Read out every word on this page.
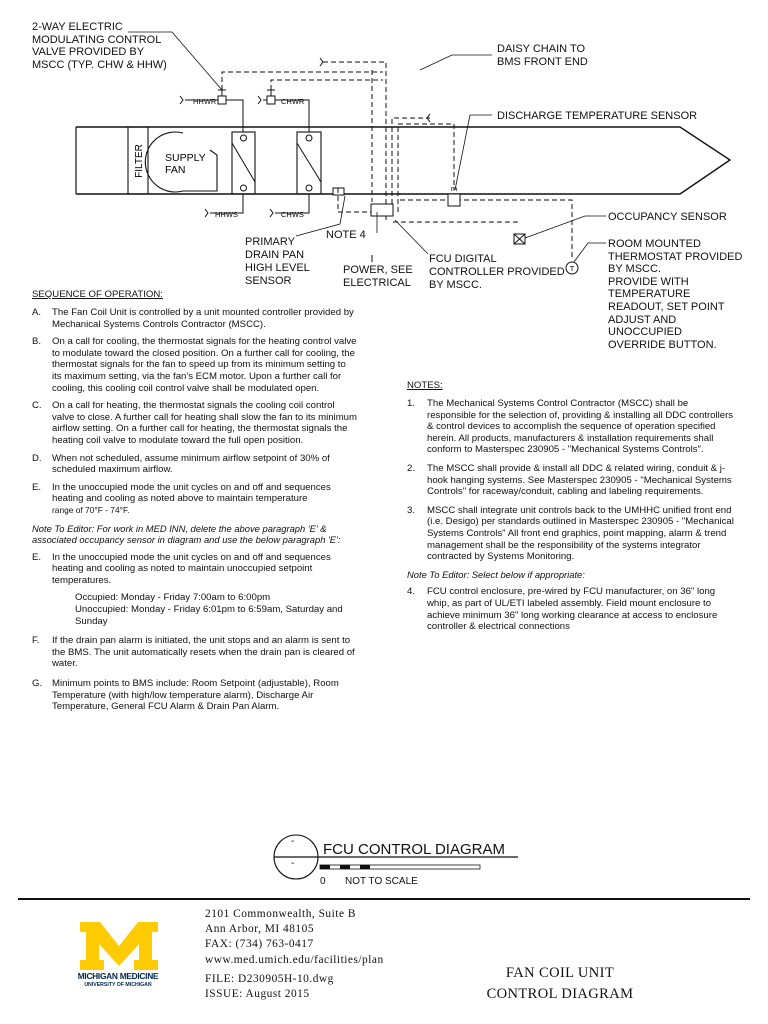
FILTER SUPPLY
FAN
HHWR
HHWS
CHWR
CHWS
m
T
2-WAY ELECTRIC
MODULATING CONTROL
VALVE PROVIDED BY
MSCC (TYP. CHW & HHW)
DAISY CHAIN TO
BMS FRONT END
DISCHARGE TEMPERATURE SENSOR
OCCUPANCY SENSOR
ROOM MOUNTED
THERMOSTAT PROVIDED
BY MSCC.
PROVIDE WITH
TEMPERATURE
READOUT, SET POINT
ADJUST AND
UNOCCUPIED
OVERRIDE BUTTON.
PRIMARY
DRAIN PAN
HIGH LEVEL
SENSOR
NOTE 4
POWER, SEE
ELECTRICAL
FCU DIGITAL
CONTROLLER PROVIDED
BY MSCC.
SEQUENCE OF OPERATION:
A.	The Fan Coil Unit is controlled by a unit mounted controller provided by Mechanical Systems Controls Contractor (MSCC).
B.	On a call for cooling, the thermostat signals for the heating control valve to modulate toward the closed position. On a further call for cooling, the thermostat signals for the fan to speed up from its minimum setting to its maximum setting, via the fan's ECM motor. Upon a further call for cooling, this cooling coil control valve shall be modulated open.
C.	On a call for heating, the thermostat signals the cooling coil control valve to close. A further call for heating shall slow the fan to its minimum airflow setting. On a further call for heating, the thermostat signals the heating coil valve to modulate toward the full open position.
D.	When not scheduled, assume minimum airflow setpoint of 30% of scheduled maximum airflow.
E.	In the unoccupied mode the unit cycles on and off and sequences heating and cooling as noted above to maintain temperature
range of 70°F - 74°F.
Note To Editor: For work in MED INN, delete the above paragraph 'E' & associated occupancy sensor in diagram and use the below paragraph 'E':
E.	In the unoccupied mode the unit cycles on and off and sequences heating and cooling as noted to maintain unoccupied setpoint temperatures.
Occupied: Monday - Friday 7:00am to 6:00pm
Unoccupied: Monday - Friday 6:01pm to 6:59am, Saturday and Sunday
F.	If the drain pan alarm is initiated, the unit stops and an alarm is sent to the BMS. The unit automatically resets when the drain pan is cleared of water.
G.	Minimum points to BMS include: Room Setpoint (adjustable), Room Temperature (with high/low temperature alarm), Discharge Air Temperature, General FCU Alarm & Drain Pan Alarm.
NOTES:
1.	The Mechanical Systems Control Contractor (MSCC) shall be responsible for the selection of, providing & installing all DDC controllers & control devices to accomplish the sequence of operation specified herein. All products, manufacturers & installation requirements shall conform to Masterspec 230905 - "Mechanical Systems Controls".
2.	The MSCC shall provide & install all DDC & related wiring, conduit & j-hook hanging systems. See Masterspec 230905 - "Mechanical Systems Controls" for raceway/conduit, cabling and labeling requirements.
3.	MSCC shall integrate unit controls back to the UMHHC unified front end (i.e. Desigo) per standards outlined in Masterspec 230905 - "Mechanical Systems Controls" All front end graphics, point mapping, alarm & trend management shall be the responsibility of the systems integrator contracted by Systems Monitoring.
Note To Editor: Select below if appropriate:
4.	FCU control enclosure, pre-wired by FCU manufacturer, on 36" long whip, as part of UL/ETI labeled assembly. Field mount enclosure to achieve minimum 36" long working clearance at access to enclosure controller & electrical connections
-
-
FCU CONTROL DIAGRAM
0 NOT TO SCALE
MICHIGAN MEDICINE
UNIVERSITY OF MICHIGAN
2101 Commonwealth, Suite B
Ann Arbor, MI 48105
FAX: (734) 763-0417
www.med.umich.edu/facilities/plan
FILE: D230905H-10.dwg
ISSUE: August 2015
FAN COIL UNIT
CONTROL DIAGRAM
